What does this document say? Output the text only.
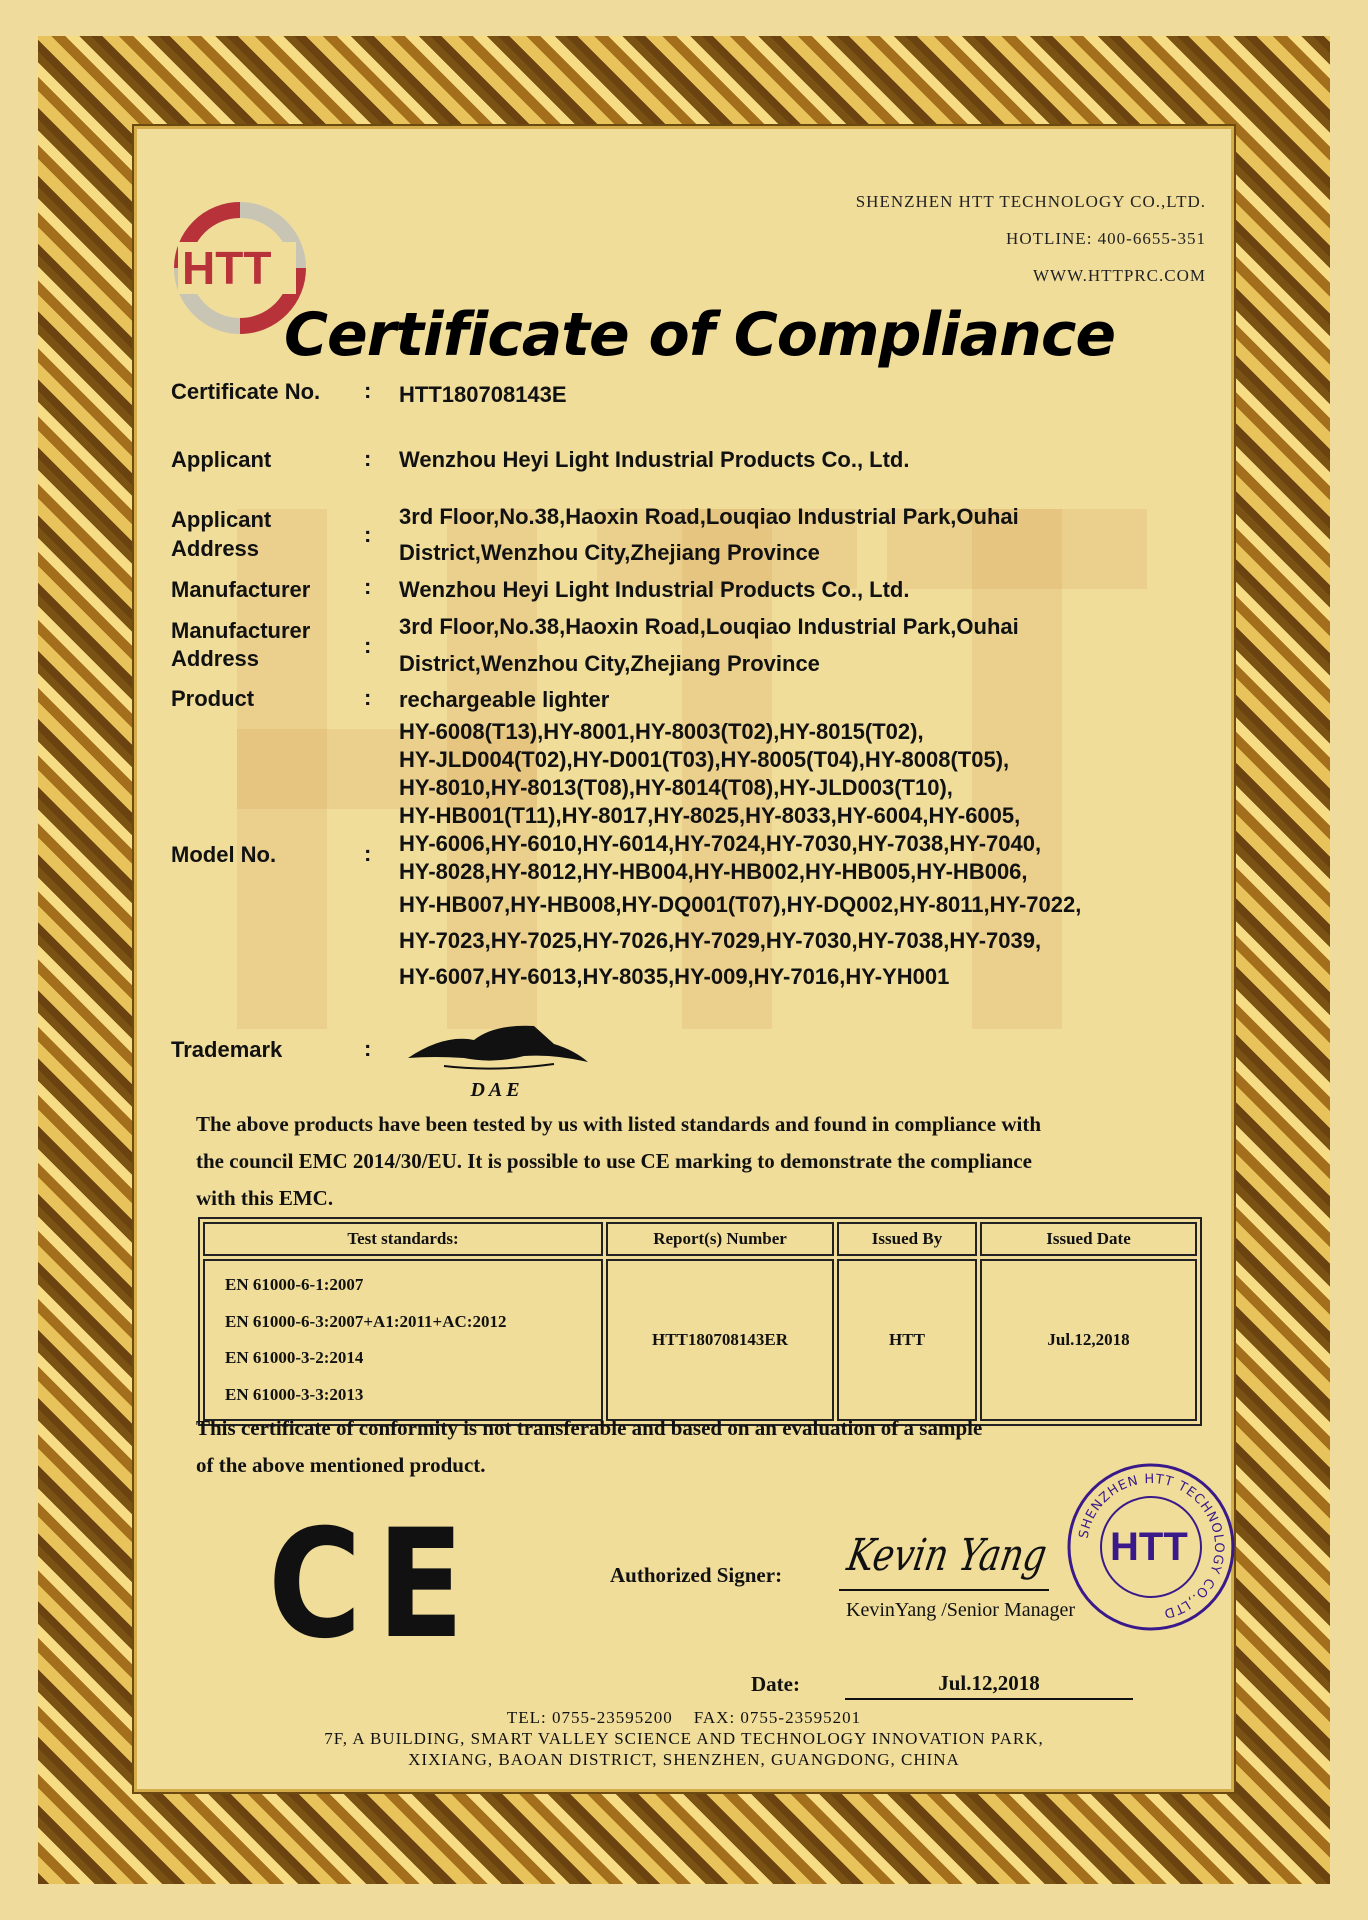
HTT
SHENZHEN HTT TECHNOLOGY CO.,LTD.
HOTLINE: 400-6655-351
WWW.HTTPRC.COM
Certificate of Compliance
Certificate No. : HTT180708143E
Applicant	: Wenzhou Heyi Light Industrial Products Co., Ltd.
Applicant
Address
:
3rd Floor,No.38,Haoxin Road,Louqiao Industrial Park,Ouhai
District,Wenzhou City,Zhejiang Province
Manufacturer : Wenzhou Heyi Light Industrial Products Co., Ltd.
Manufacturer
Address
:
3rd Floor,No.38,Haoxin Road,Louqiao Industrial Park,Ouhai
District,Wenzhou City,Zhejiang Province
Product	: rechargeable lighter
Model No.	:
HY-6008(T13),HY-8001,HY-8003(T02),HY-8015(T02),
HY-JLD004(T02),HY-D001(T03),HY-8005(T04),HY-8008(T05),
HY-8010,HY-8013(T08),HY-8014(T08),HY-JLD003(T10),
HY-HB001(T11),HY-8017,HY-8025,HY-8033,HY-6004,HY-6005,
HY-6006,HY-6010,HY-6014,HY-7024,HY-7030,HY-7038,HY-7040,
HY-8028,HY-8012,HY-HB004,HY-HB002,HY-HB005,HY-HB006,
HY-HB007,HY-HB008,HY-DQ001(T07),HY-DQ002,HY-8011,HY-7022,
HY-7023,HY-7025,HY-7026,HY-7029,HY-7030,HY-7038,HY-7039,
HY-6007,HY-6013,HY-8035,HY-009,HY-7016,HY-YH001
Trademark	:
DAE
The above products have been tested by us with listed standards and found in compliance with
the council EMC 2014/30/EU. It is possible to use CE marking to demonstrate the compliance
with this EMC.
Test standards:	Report(s) Number	Issued By	Issued Date

EN 61000-6-1:2007
EN 61000-6-3:2007+A1:2011+AC:2012
EN 61000-3-2:2014
EN 61000-3-3:2013	HTT180708143ER	HTT	Jul.12,2018
This certificate of conformity is not transferable and based on an evaluation of a sample
of the above mentioned product.
CE	Authorized Signer: Kevin Yang
KevinYang /Senior Manager
SHENZHEN HTT TECHNOLOGY CO.,LTD
HTT
Date:	Jul.12,2018
TEL: 0755-23595200    FAX: 0755-23595201
7F, A BUILDING, SMART VALLEY SCIENCE AND TECHNOLOGY INNOVATION PARK,
XIXIANG, BAOAN DISTRICT, SHENZHEN, GUANGDONG, CHINA
